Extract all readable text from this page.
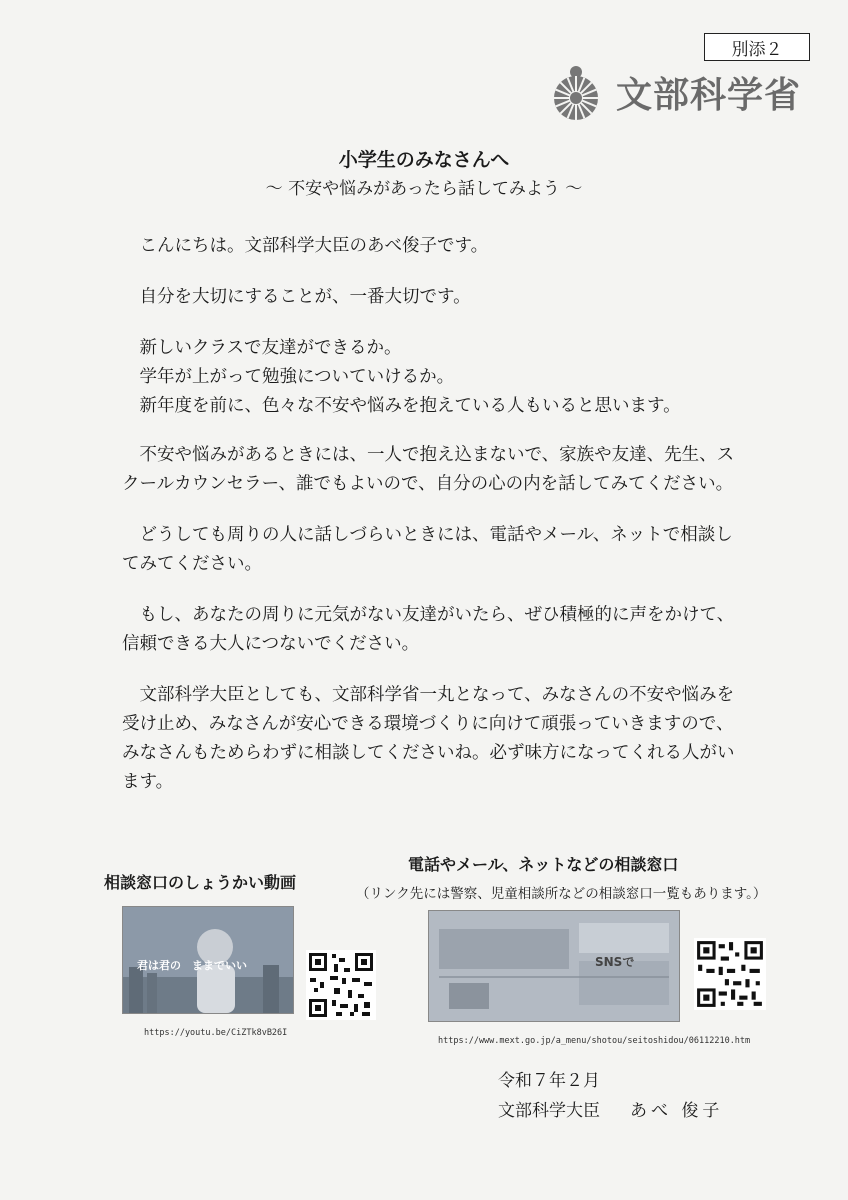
別添２
文部科学省
小学生のみなさんへ
～ 不安や悩みがあったら話してみよう ～

こんにちは。文部科学大臣のあべ俊子です。

自分を大切にすることが、一番大切です。

新しいクラスで友達ができるか。

学年が上がって勉強についていけるか。

新年度を前に、色々な不安や悩みを抱えている人もいると思います。

不安や悩みがあるときには、一人で抱え込まないで、家族や友達、先生、スクールカウンセラー、誰でもよいので、自分の心の内を話してみてください。

どうしても周りの人に話しづらいときには、電話やメール、ネットで相談してみてください。

もし、あなたの周りに元気がない友達がいたら、ぜひ積極的に声をかけて、信頼できる大人につないでください。

文部科学大臣としても、文部科学省一丸となって、みなさんの不安や悩みを受け止め、みなさんが安心できる環境づくりに向けて頑張っていきますので、みなさんもためらわずに相談してくださいね。必ず味方になってくれる人がいます。

相談窓口のしょうかい動画
君は君の　ままでいい
https://youtu.be/CiZTk8vB26I
電話やメール、ネットなどの相談窓口
（リンク先には警察、児童相談所などの相談窓口一覧もあります。）
SNSで
https://www.mext.go.jp/a_menu/shotou/seitoshidou/06112210.htm
令和７年２月
文部科学大臣 あべ 俊子
